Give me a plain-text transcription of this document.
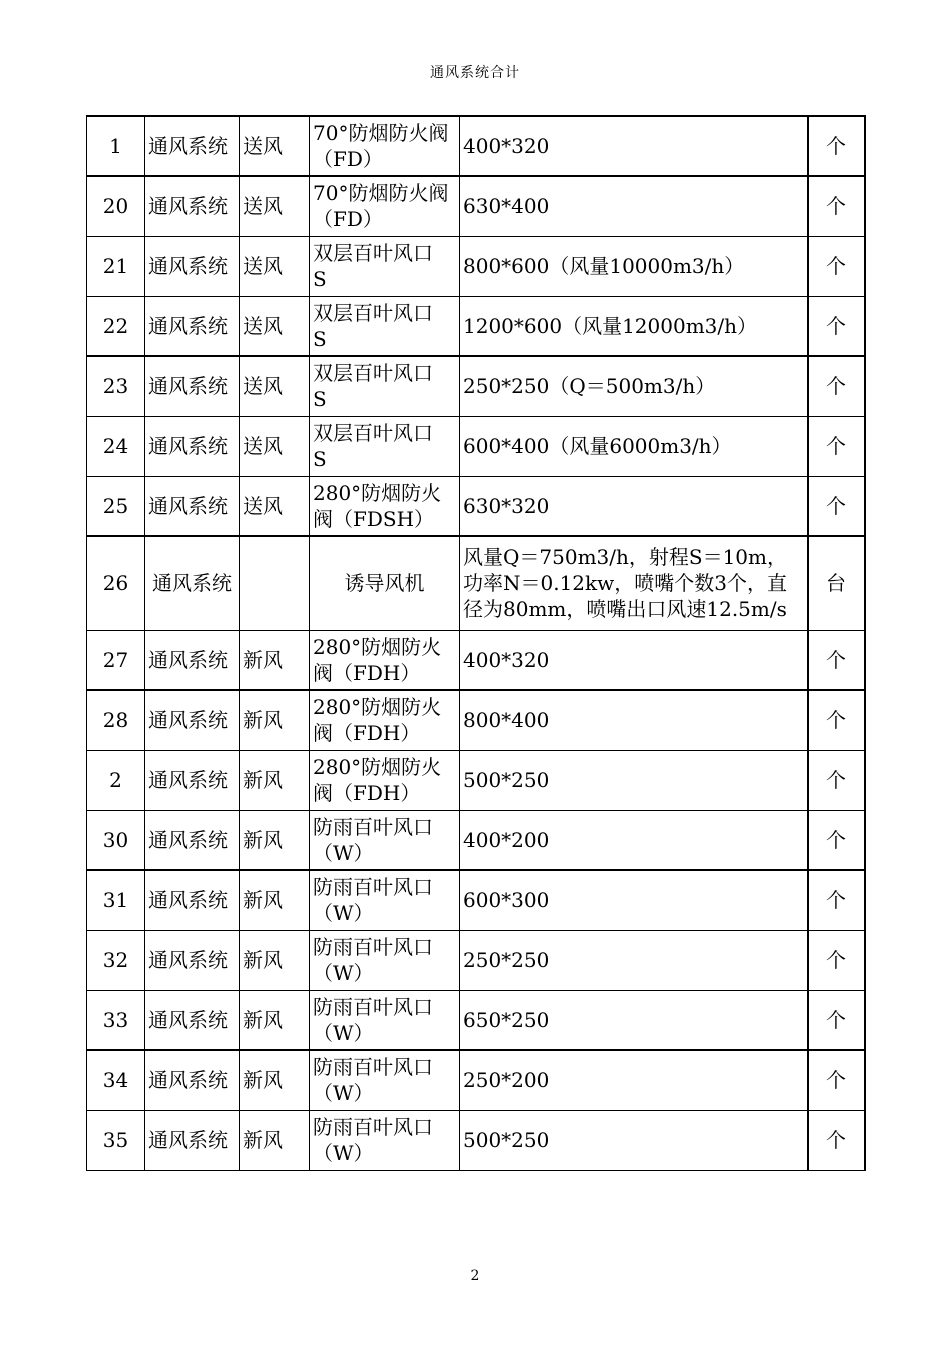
通风系统合计
1	通风系统	送风	70°防烟防火阀（FD）	400*320	个
20	通风系统	送风	70°防烟防火阀（FD）	630*400	个
21	通风系统	送风	双层百叶风口　S	800*600（风量10000m3/h）	个
22	通风系统	送风	双层百叶风口　S	1200*600（风量12000m3/h）	个
23	通风系统	送风	双层百叶风口　S	250*250（Q＝500m3/h）	个
24	通风系统	送风	双层百叶风口　S	600*400（风量6000m3/h）	个
25	通风系统	送风	280°防烟防火阀（FDSH）	630*320	个
26	通风系统		诱导风机	风量Q＝750m3/h，射程S＝10m，功率N＝0.12kw，喷嘴个数3个，直径为80mm，喷嘴出口风速12.5m/s	台
27	通风系统	新风	280°防烟防火阀（FDH）	400*320	个
28	通风系统	新风	280°防烟防火阀（FDH）	800*400	个
2	通风系统	新风	280°防烟防火阀（FDH）	500*250	个
30	通风系统	新风	防雨百叶风口（W）	400*200	个
31	通风系统	新风	防雨百叶风口（W）	600*300	个
32	通风系统	新风	防雨百叶风口（W）	250*250	个
33	通风系统	新风	防雨百叶风口（W）	650*250	个
34	通风系统	新风	防雨百叶风口（W）	250*200	个
35	通风系统	新风	防雨百叶风口（W）	500*250	个
2
